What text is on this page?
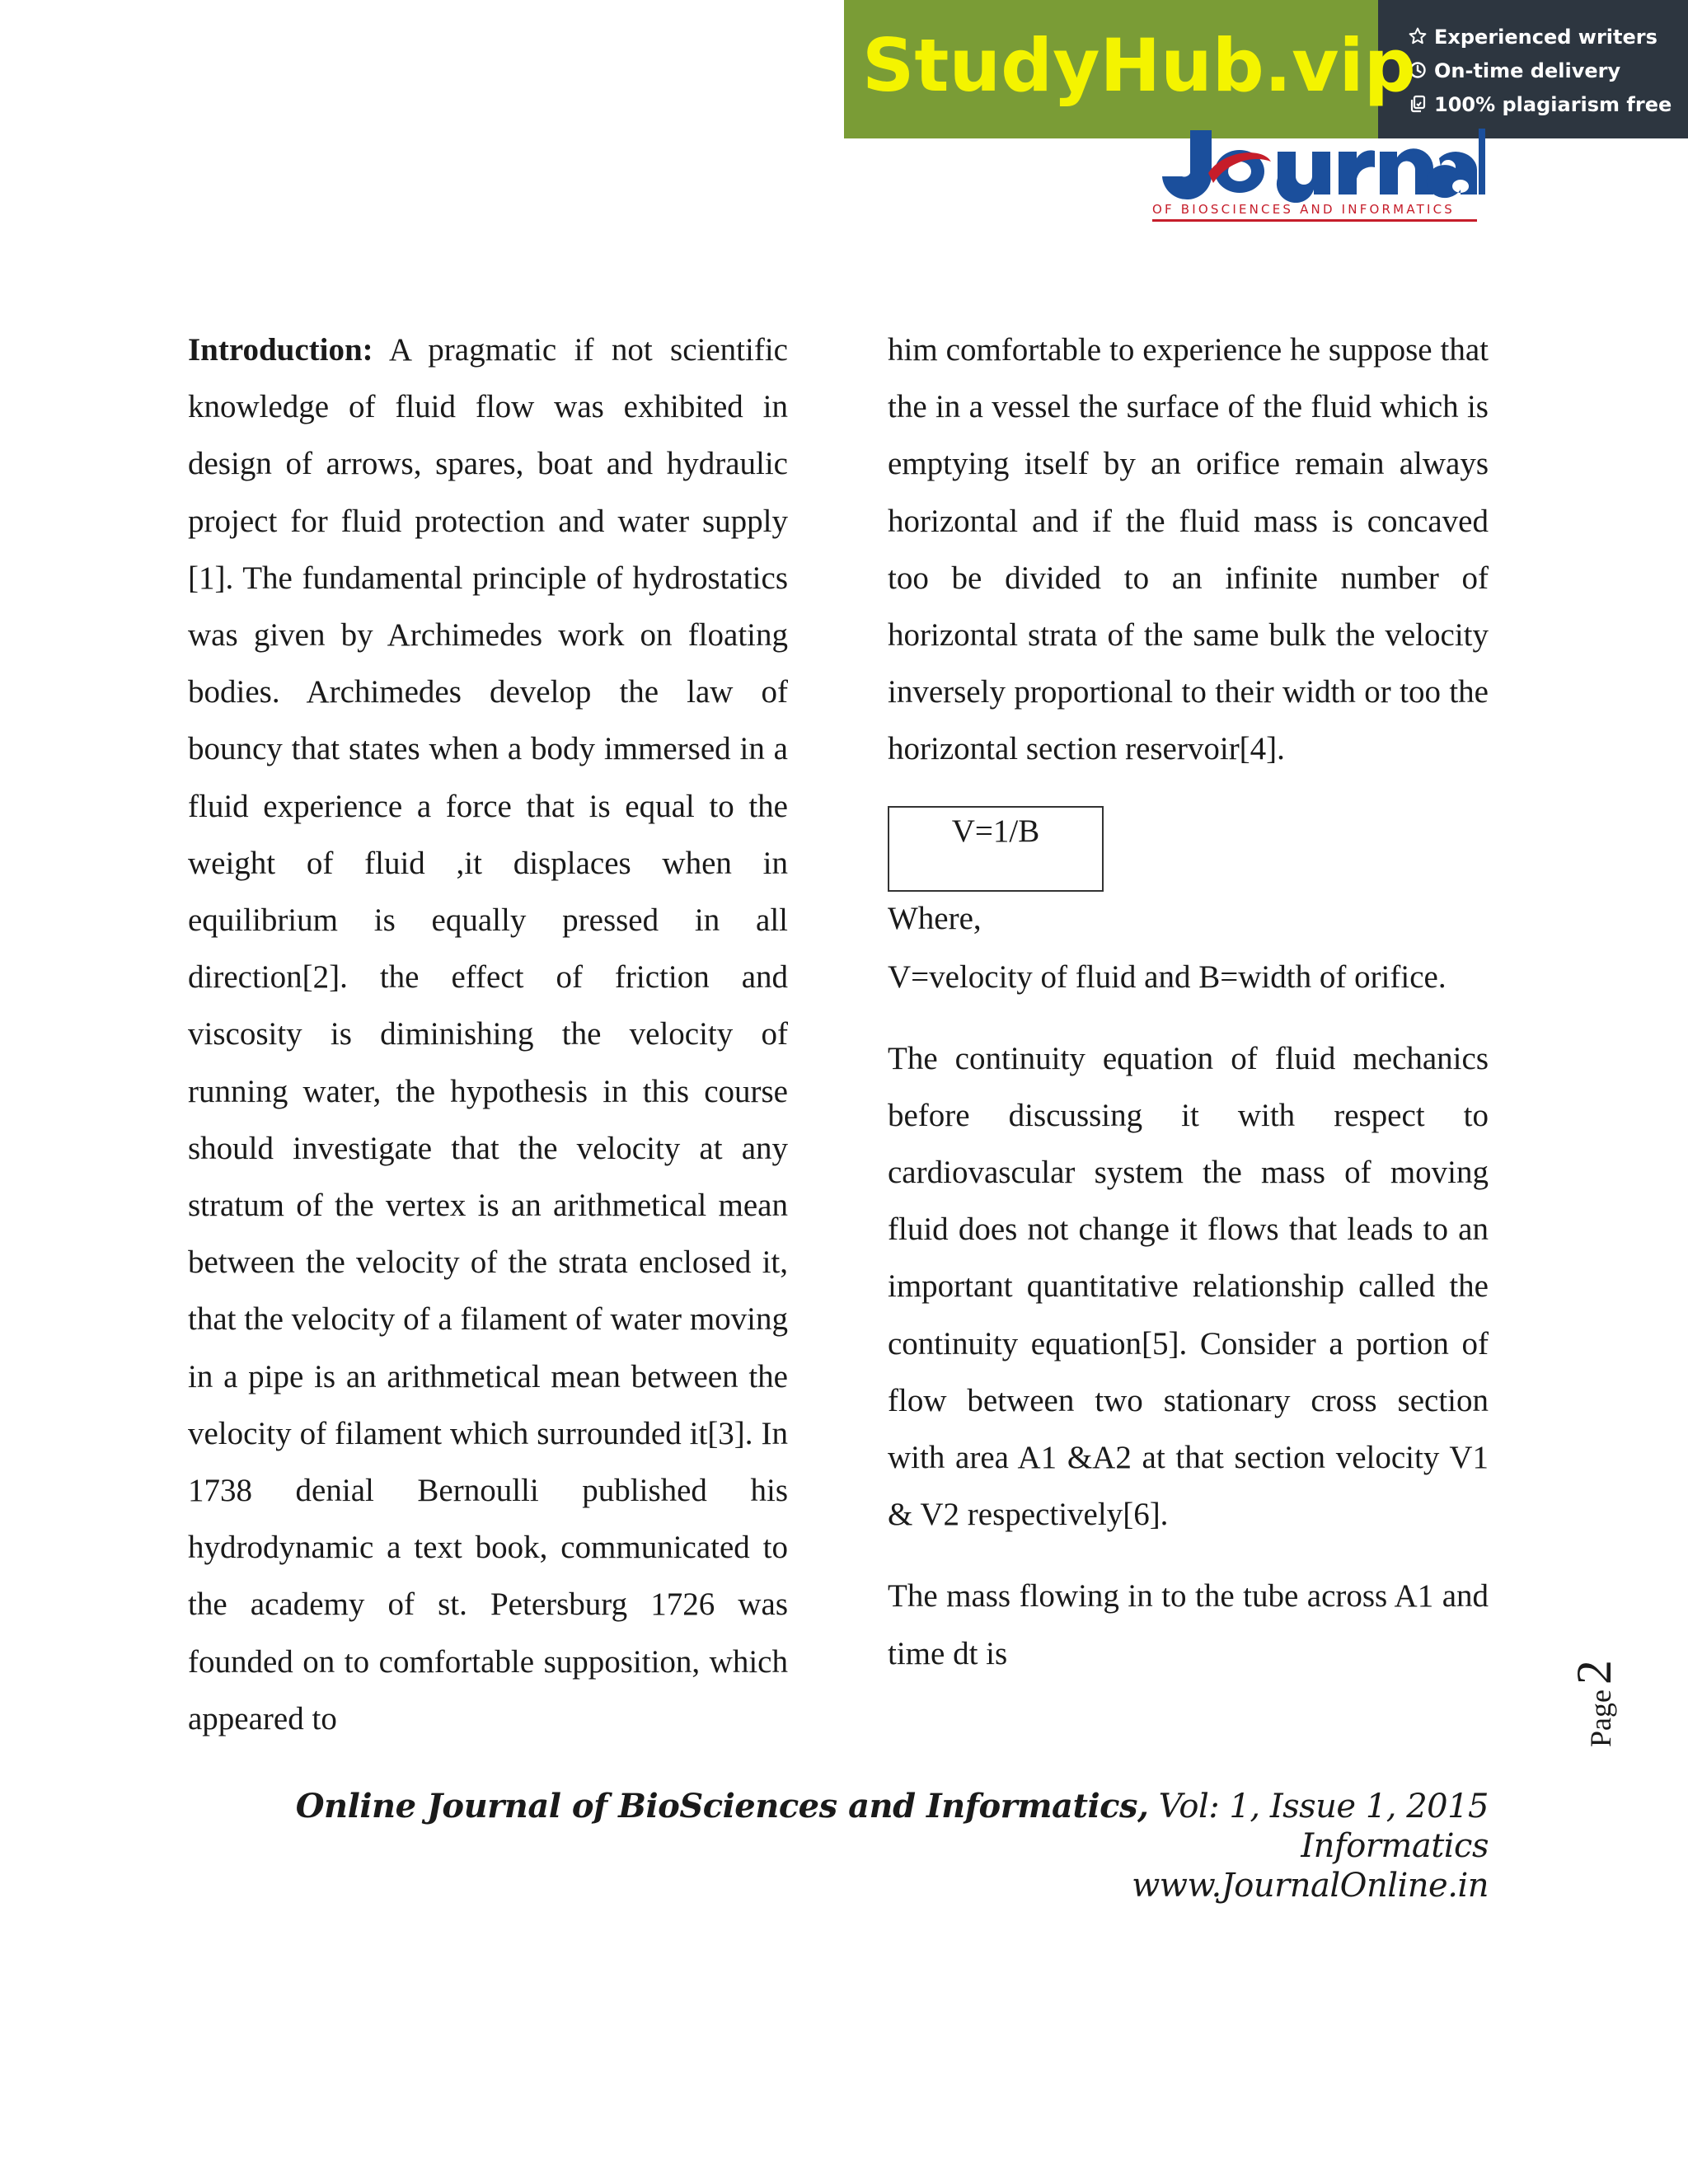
StudyHub.vip Experienced writers
On-time delivery
100% plagiarism free
OF BIOSCIENCES AND INFORMATICS

Introduction: A pragmatic if not scientific knowledge of fluid flow was exhibited in design of arrows, spares, boat and hydraulic project for fluid protection and water supply [1]. The fundamental principle of hydrostatics was given by Archimedes work on floating bodies. Archimedes develop the law of bouncy that states when a body immersed in a fluid experience a force that is equal to the weight of fluid ,it displaces when in equilibrium is equally pressed in all direction[2]. the effect of friction and viscosity is diminishing the velocity of running water, the hypothesis in this course should investigate that the velocity at any stratum of the vertex is an arithmetical mean between the velocity of the strata enclosed it, that the velocity of a filament of water moving in a pipe is an arithmetical mean between the velocity of filament which surrounded it[3]. In 1738 denial Bernoulli published his hydrodynamic a text book, communicated to the academy of st. Petersburg 1726 was founded on to comfortable supposition, which appeared to

him comfortable to experience he suppose that the in a vessel the surface of the fluid which is emptying itself by an orifice remain always horizontal and if the fluid mass is concaved too be divided to an infinite number of horizontal strata of the same bulk the velocity inversely proportional to their width or too the horizontal section reservoir[4].

V=1/B

Where,

V=velocity of fluid and B=width of orifice.

The continuity equation of fluid mechanics before discussing it with respect to cardiovascular system the mass of moving fluid does not change it flows that leads to an important quantitative relationship called the continuity equation[5]. Consider a portion of flow between two stationary cross section with area A1 &A2 at that section velocity V1 & V2 respectively[6].

The mass flowing in to the tube across A1 and time dt is

Page
2
Online Journal of BioSciences and Informatics, Vol: 1, Issue 1, 2015
Informatics
www.JournalOnline.in
